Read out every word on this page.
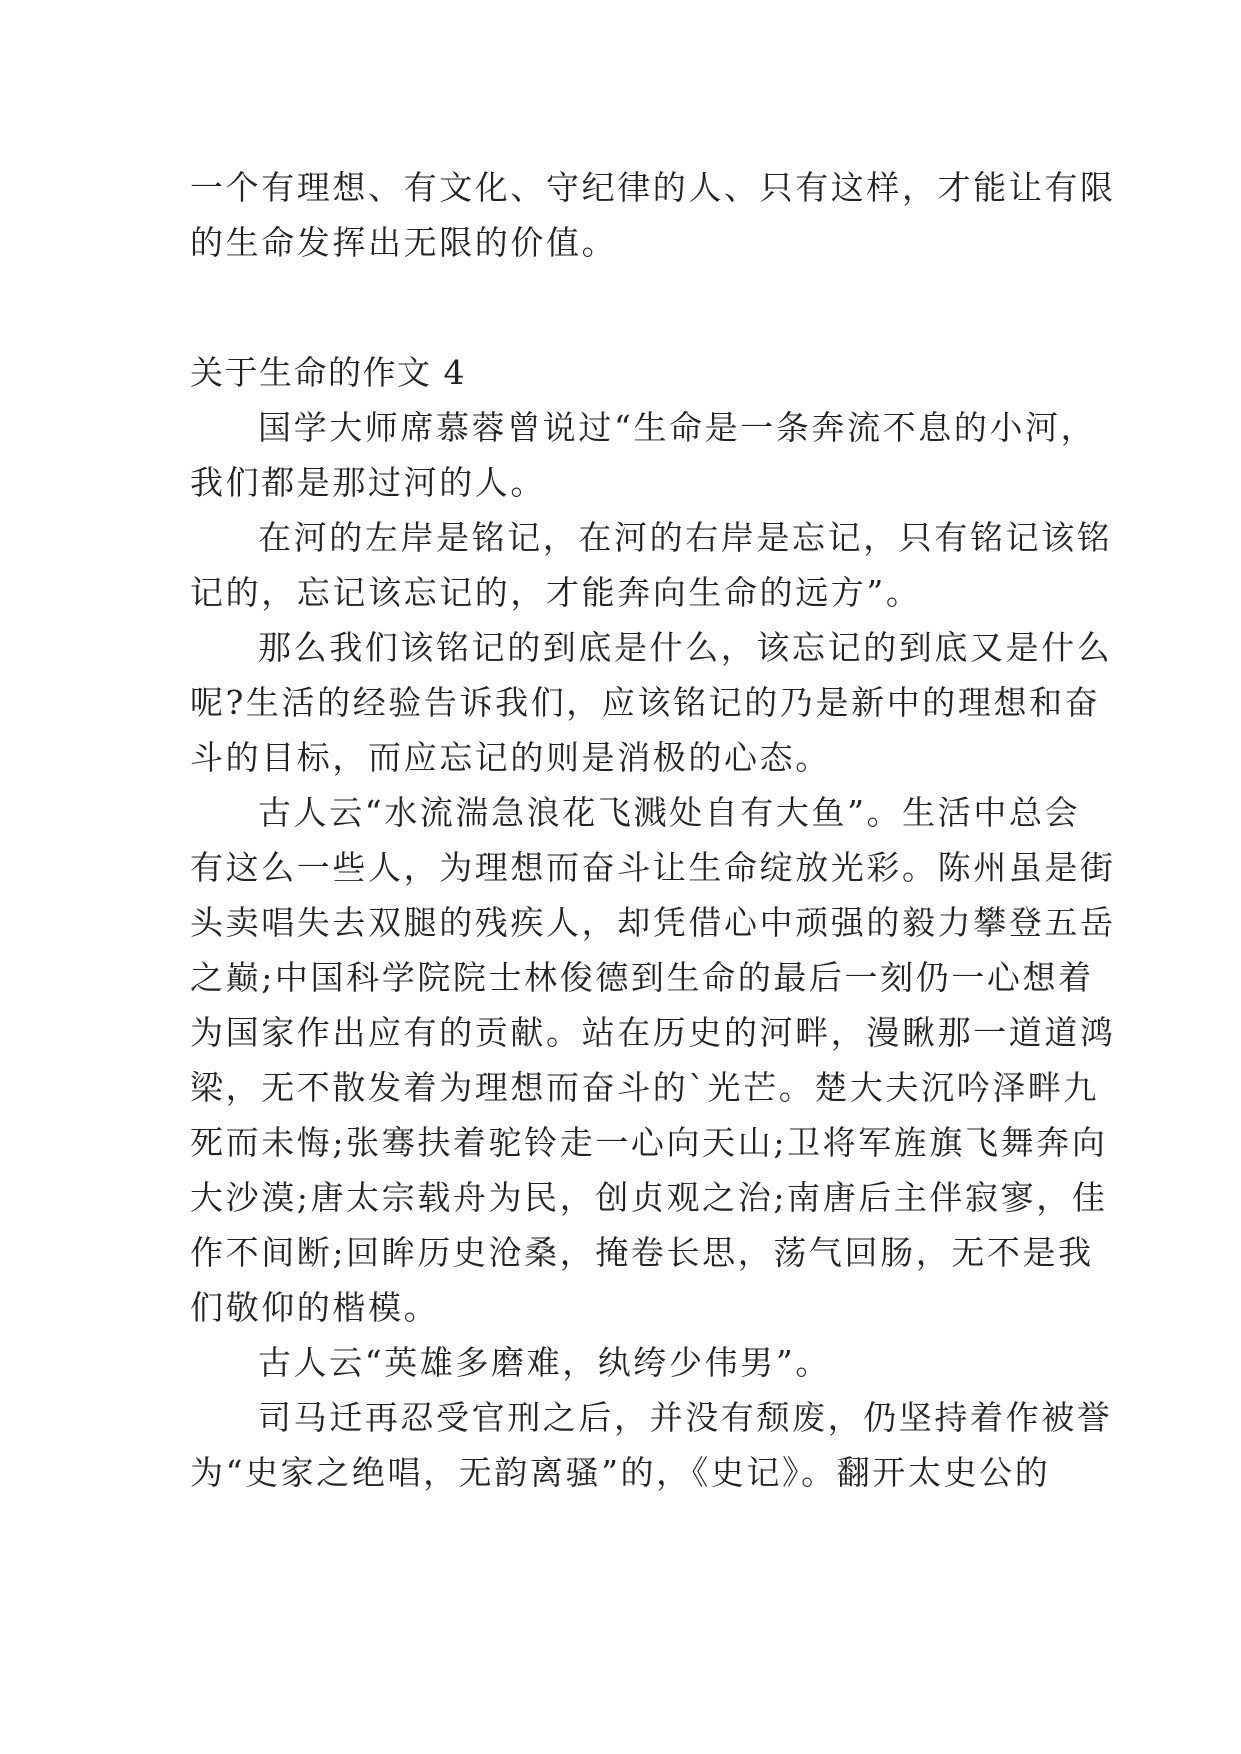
一个有理想、有文化、守纪律的人、只有这样，才能让有限
的生命发挥出无限的价值。
关于生命的作文 4
国学大师席慕蓉曾说过“生命是一条奔流不息的小河，
我们都是那过河的人。
在河的左岸是铭记，在河的右岸是忘记，只有铭记该铭
记的，忘记该忘记的，才能奔向生命的远方”。
那么我们该铭记的到底是什么，该忘记的到底又是什么
呢?生活的经验告诉我们，应该铭记的乃是新中的理想和奋
斗的目标，而应忘记的则是消极的心态。
古人云“水流湍急浪花飞溅处自有大鱼”。生活中总会
有这么一些人，为理想而奋斗让生命绽放光彩。陈州虽是街
头卖唱失去双腿的残疾人，却凭借心中顽强的毅力攀登五岳
之巅;中国科学院院士林俊德到生命的最后一刻仍一心想着
为国家作出应有的贡献。站在历史的河畔，漫瞅那一道道鸿
梁，无不散发着为理想而奋斗的`光芒。楚大夫沉吟泽畔九
死而未悔;张骞扶着驼铃走一心向天山;卫将军旌旗飞舞奔向
大沙漠;唐太宗载舟为民，创贞观之治;南唐后主伴寂寥，佳
作不间断;回眸历史沧桑，掩卷长思，荡气回肠，无不是我
们敬仰的楷模。
古人云“英雄多磨难，纨绔少伟男”。
司马迁再忍受官刑之后，并没有颓废，仍坚持着作被誉
为“史家之绝唱，无韵离骚”的，《史记》。翻开太史公的
